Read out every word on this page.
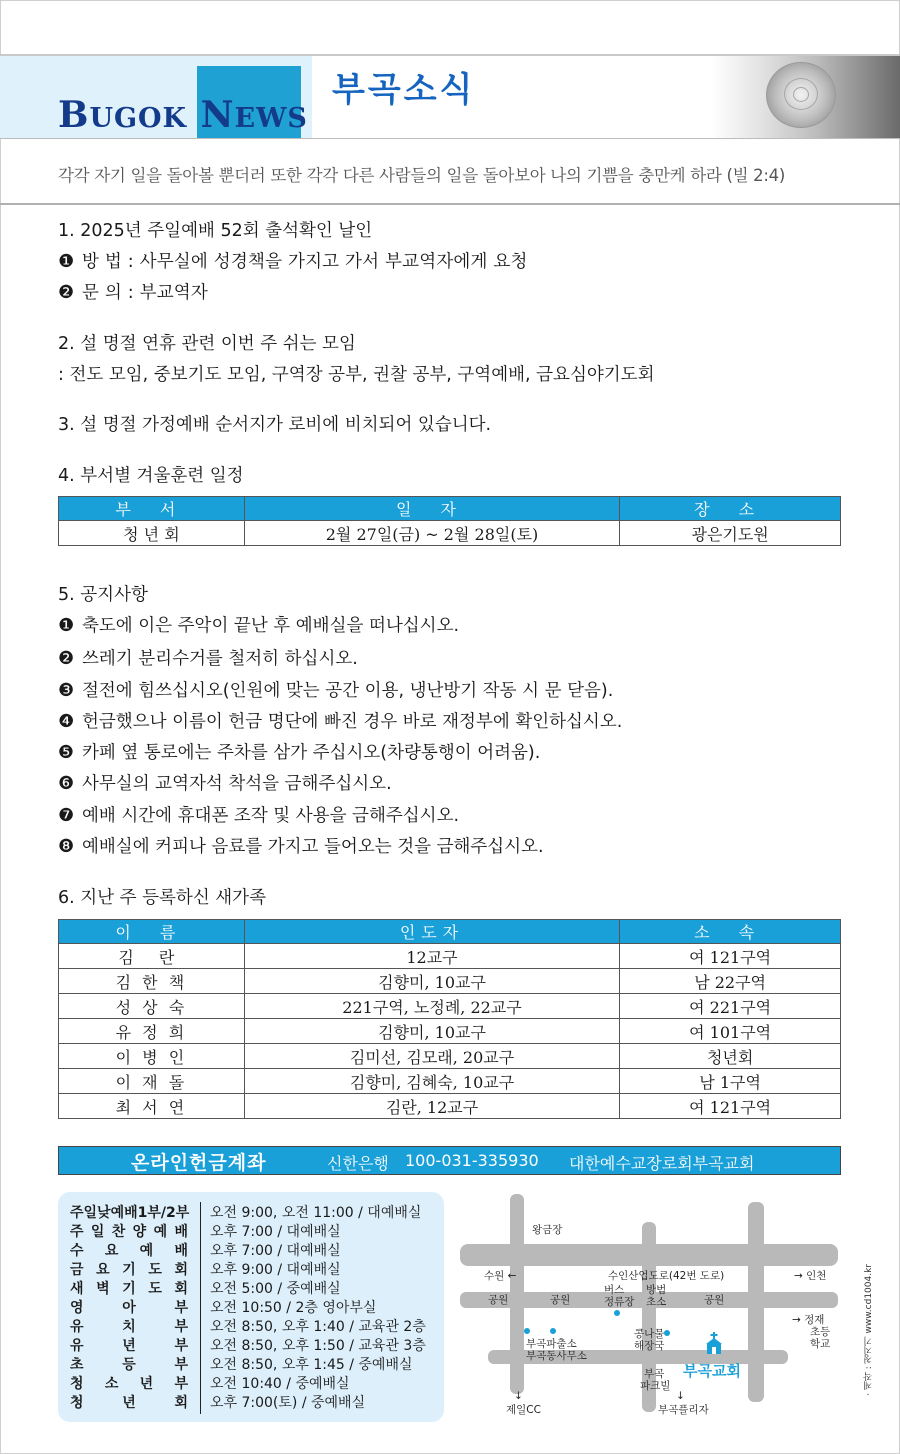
BUGOK NEWS
부곡소식
각각 자기 일을 돌아볼 뿐더러 또한 각각 다른 사람들의 일을 돌아보아 나의 기쁨을 충만케 하라 (빌 2:4)
1. 2025년 주일예배 52회 출석확인 날인
❶ 방 법 : 사무실에 성경책을 가지고 가서 부교역자에게 요청
❷ 문 의 : 부교역자
2. 설 명절 연휴 관련 이번 주 쉬는 모임
: 전도 모임, 중보기도 모임, 구역장 공부, 권찰 공부, 구역예배, 금요심야기도회
3. 설 명절 가정예배 순서지가 로비에 비치되어 있습니다.
4. 부서별 겨울훈련 일정
부 서	일 자	장 소
청 년 회	2월 27일(금) ~ 2월 28일(토)	광은기도원
5. 공지사항
❶ 축도에 이은 주악이 끝난 후 예배실을 떠나십시오.
❷ 쓰레기 분리수거를 철저히 하십시오.
❸ 절전에 힘쓰십시오(인원에 맞는 공간 이용, 냉난방기 작동 시 문 닫음).
❹ 헌금했으나 이름이 헌금 명단에 빠진 경우 바로 재정부에 확인하십시오.
❺ 카페 옆 통로에는 주차를 삼가 주십시오(차량통행이 어려움).
❻ 사무실의 교역자석 착석을 금해주십시오.
❼ 예배 시간에 휴대폰 조작 및 사용을 금해주십시오.
❽ 예배실에 커피나 음료를 가지고 들어오는 것을 금해주십시오.
6. 지난 주 등록하신 새가족
이 름	인도자	소 속
김 란	12교구	여 121구역
김 한 책	김향미, 10교구	남 22구역
성 상 숙	221구역, 노정례, 22교구	여 221구역
유 정 희	김향미, 10교구	여 101구역
이 병 인	김미선, 김모래, 20교구	청년회
이 재 돌	김향미, 김혜숙, 10교구	남 1구역
최 서 연	김란, 12교구	여 121구역
온라인헌금계좌	신한은행 100-031-335930 대한예수교장로회부곡교회
주일낮예배1부/2부 오전 9:00, 오전 11:00 / 대예배실
주 일 찬 양 예 배 오후 7:00 / 대예배실
수 요 예 배 오후 7:00 / 대예배실
금 요 기 도 회 오후 9:00 / 대예배실
새 벽 기 도 회 오전 5:00 / 중예배실
영	아	부 오전 10:50 / 2층 영아부실
유	치	부 오전 8:50, 오후 1:40 / 교육관 2층
유	년	부 오전 8:50, 오후 1:50 / 교육관 3층
초	등	부 오전 8:50, 오후 1:45 / 중예배실
청 소 년 부 오전 10:40 / 중예배실
청	년	회 오후 7:00(토) / 중예배실
왕금장
수원 ←	수인산업도로(42번 도로)	→ 인천
공원	공원	공원
버스
정류장
방범
초소
부곡파출소
부곡동사무소
→ 정재
초등
학교
콩나물
해장국
부곡
파크빌
부곡교회
↓
제일CC
↓
부곡플리자
· 제작 : 청지기 www.cd1004.kr
